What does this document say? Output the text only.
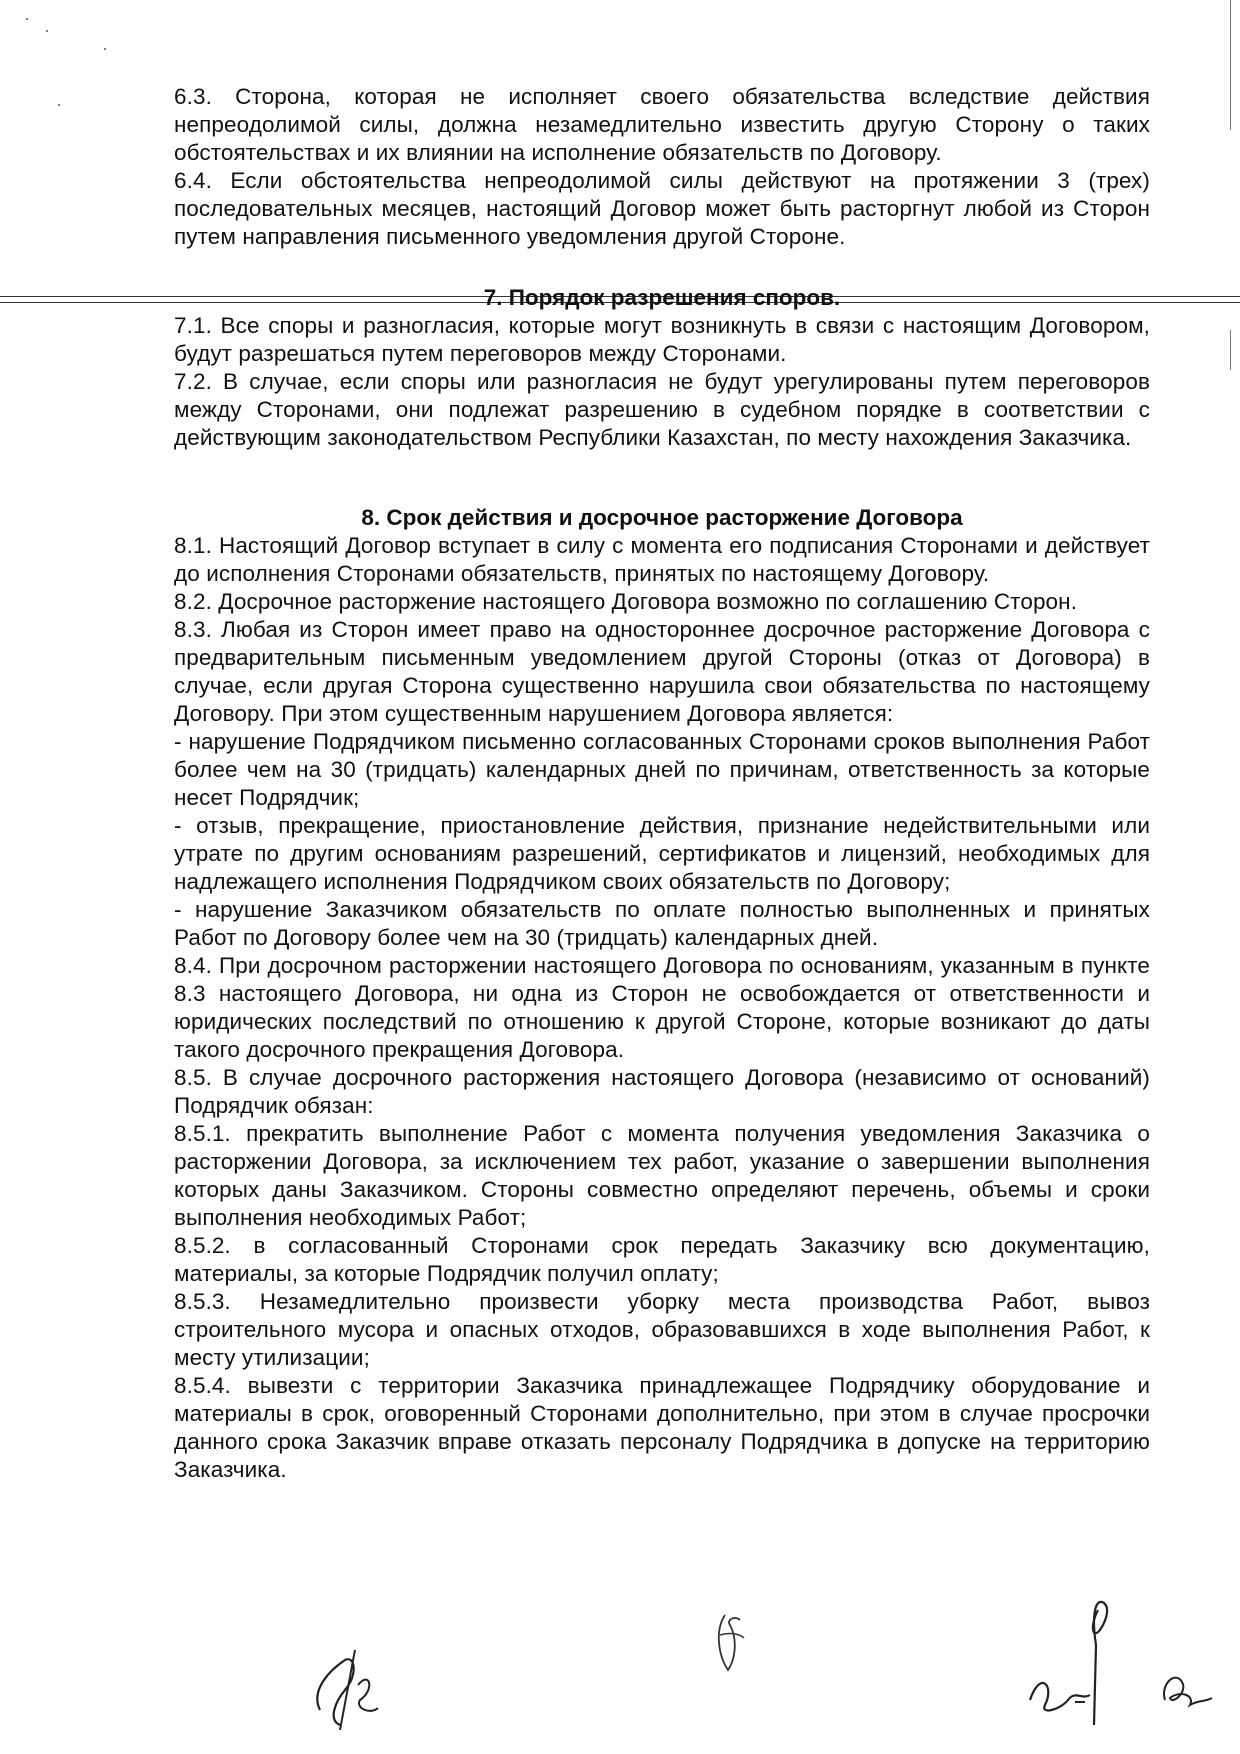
6.3. Сторона, которая не исполняет своего обязательства вследствие действия непреодолимой силы, должна незамедлительно известить другую Сторону о таких обстоятельствах и их влиянии на исполнение обязательств по Договору.

6.4. Если обстоятельства непреодолимой силы действуют на протяжении 3 (трех) последовательных месяцев, настоящий Договор может быть расторгнут любой из Сторон путем направления письменного уведомления другой Стороне.

7. Порядок разрешения споров.

7.1. Все споры и разногласия, которые могут возникнуть в связи с настоящим Договором, будут разрешаться путем переговоров между Сторонами.

7.2. В случае, если споры или разногласия не будут урегулированы путем переговоров между Сторонами, они подлежат разрешению в судебном порядке в соответствии с действующим законодательством Республики Казахстан, по месту нахождения Заказчика.

8. Срок действия и досрочное расторжение Договора

8.1. Настоящий Договор вступает в силу с момента его подписания Сторонами и действует до исполнения Сторонами обязательств, принятых по настоящему Договору.

8.2. Досрочное расторжение настоящего Договора возможно по соглашению Сторон.

8.3. Любая из Сторон имеет право на одностороннее досрочное расторжение Договора с предварительным письменным уведомлением другой Стороны (отказ от Договора) в случае, если другая Сторона существенно нарушила свои обязательства по настоящему Договору. При этом существенным нарушением Договора является:

- нарушение Подрядчиком письменно согласованных Сторонами сроков выполнения Работ более чем на 30 (тридцать) календарных дней по причинам, ответственность за которые несет Подрядчик;

- отзыв, прекращение, приостановление действия, признание недействительными или утрате по другим основаниям разрешений, сертификатов и лицензий, необходимых для надлежащего исполнения Подрядчиком своих обязательств по Договору;

- нарушение Заказчиком обязательств по оплате полностью выполненных и принятых Работ по Договору более чем на 30 (тридцать) календарных дней.

8.4. При досрочном расторжении настоящего Договора по основаниям, указанным в пункте 8.3 настоящего Договора, ни одна из Сторон не освобождается от ответственности и юридических последствий по отношению к другой Стороне, которые возникают до даты такого досрочного прекращения Договора.

8.5. В случае досрочного расторжения настоящего Договора (независимо от оснований) Подрядчик обязан:

8.5.1. прекратить выполнение Работ с момента получения уведомления Заказчика о расторжении Договора, за исключением тех работ, указание о завершении выполнения которых даны Заказчиком. Стороны совместно определяют перечень, объемы и сроки выполнения необходимых Работ;

8.5.2. в согласованный Сторонами срок передать Заказчику всю документацию, материалы, за которые Подрядчик получил оплату;

8.5.3. Незамедлительно произвести уборку места производства Работ, вывоз строительного мусора и опасных отходов, образовавшихся в ходе выполнения Работ, к месту утилизации;

8.5.4. вывезти с территории Заказчика принадлежащее Подрядчику оборудование и материалы в срок, оговоренный Сторонами дополнительно, при этом в случае просрочки данного срока Заказчик вправе отказать персоналу Подрядчика в допуске на территорию Заказчика.
